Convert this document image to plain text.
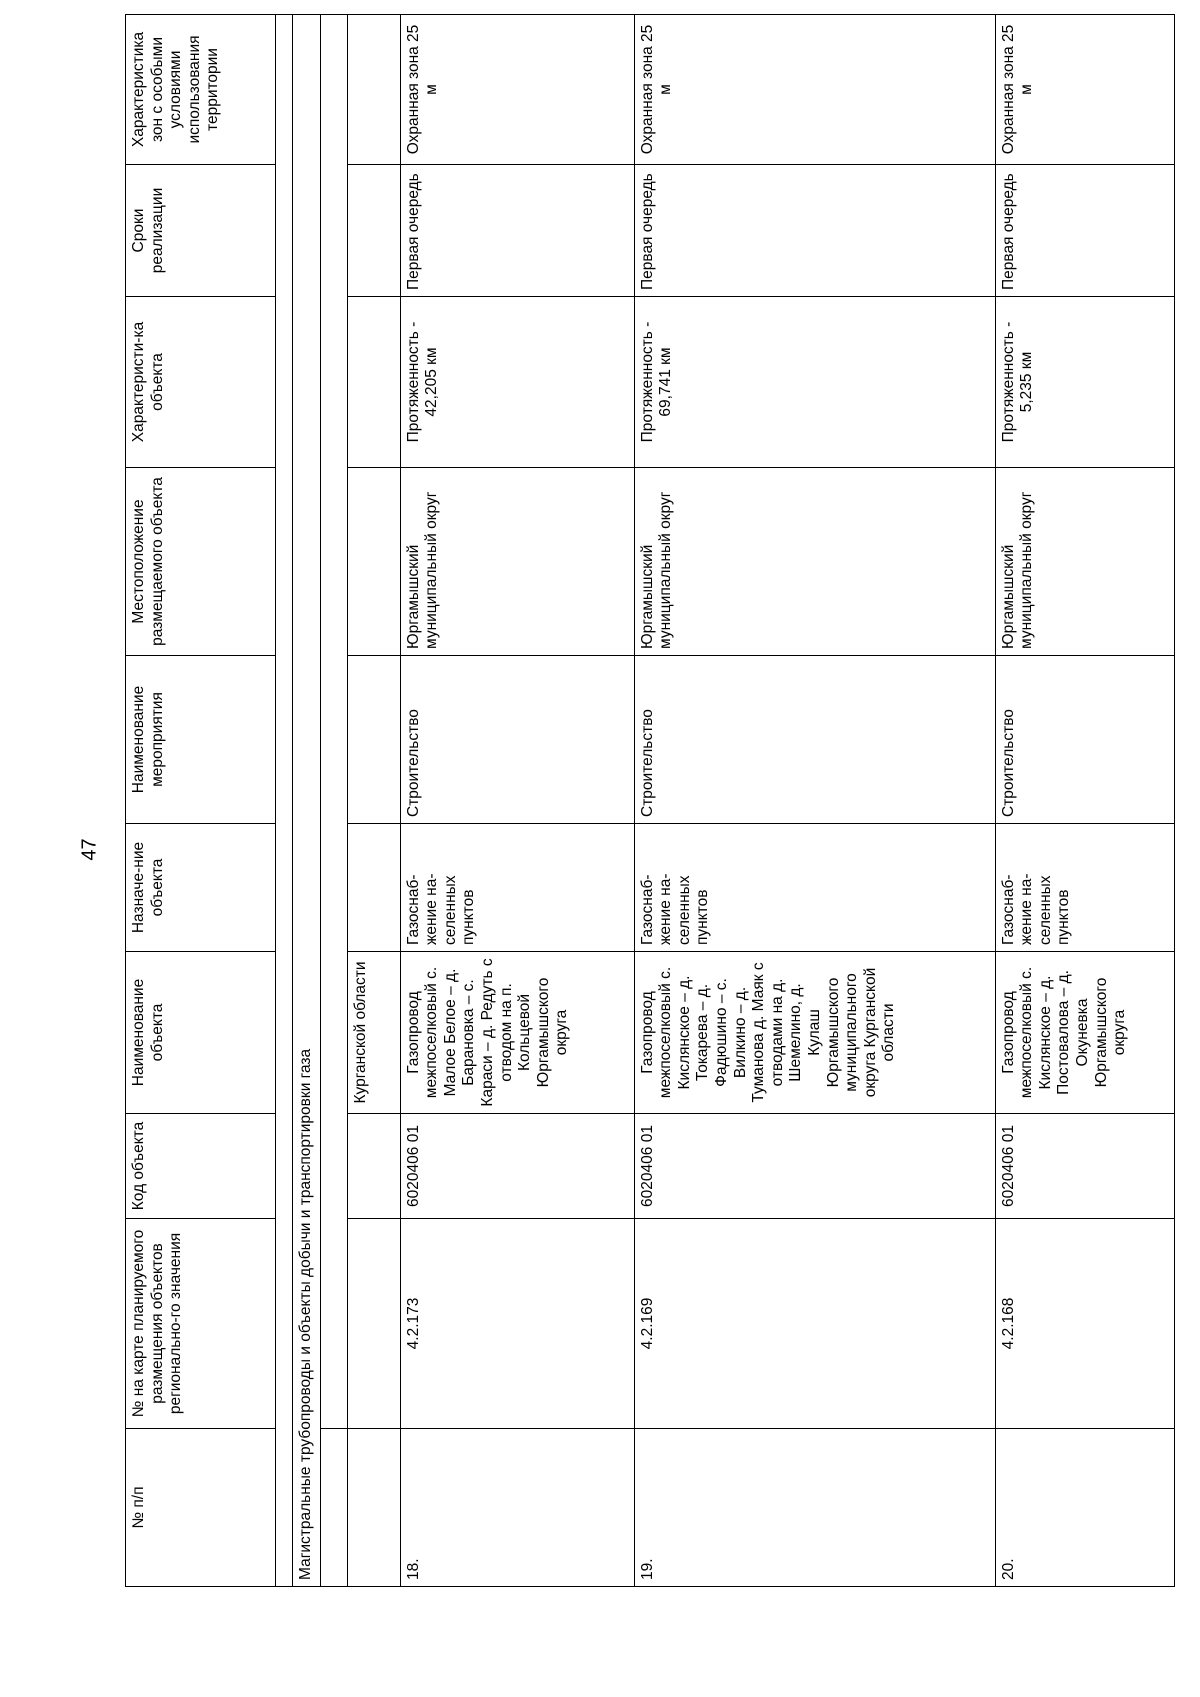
47
№ п/п	№ на карте планируемого размещения объектов регионально-го значения	Код объекта	Наименование объекта	Назначе-ние объекта	Наименование мероприятия	Местоположение размещаемого объекта	Характеристи-ка объекта	Сроки реализации	Характеристика зон с особыми условиями использования территории

Магистральные трубопроводы и объекты добычи и транспортировки газа									

			Курганской области						
18.	4.2.173	6020406 01	Газопровод межпоселковый с. Малое Белое – д. Барановка – с. Караси – д. Редуть с отводом на п. Кольцевой Юргамышского округа	Газоснаб-жение на-селенных пунктов	Строительство	Юргамышский муниципальный округ	Протяженность - 42,205 км	Первая очередь	Охранная зона 25 м
19.	4.2.169	6020406 01	Газопровод межпоселковый с. Кислянское – д. Токарева – д. Фадюшино – с. Вилкино – д. Туманова д. Маяк с отводами на д. Шемелино, д. Кулаш Юргамышского муниципального округа Курганской области	Газоснаб-жение на-селенных пунктов	Строительство	Юргамышский муниципальный округ	Протяженность - 69,741 км	Первая очередь	Охранная зона 25 м
20.	4.2.168	6020406 01	Газопровод межпоселковый с. Кислянское – д. Постовалова – д. Окуневка Юргамышского округа	Газоснаб-жение на-селенных пунктов	Строительство	Юргамышский муниципальный округ	Протяженность - 5,235 км	Первая очередь	Охранная зона 25 м
